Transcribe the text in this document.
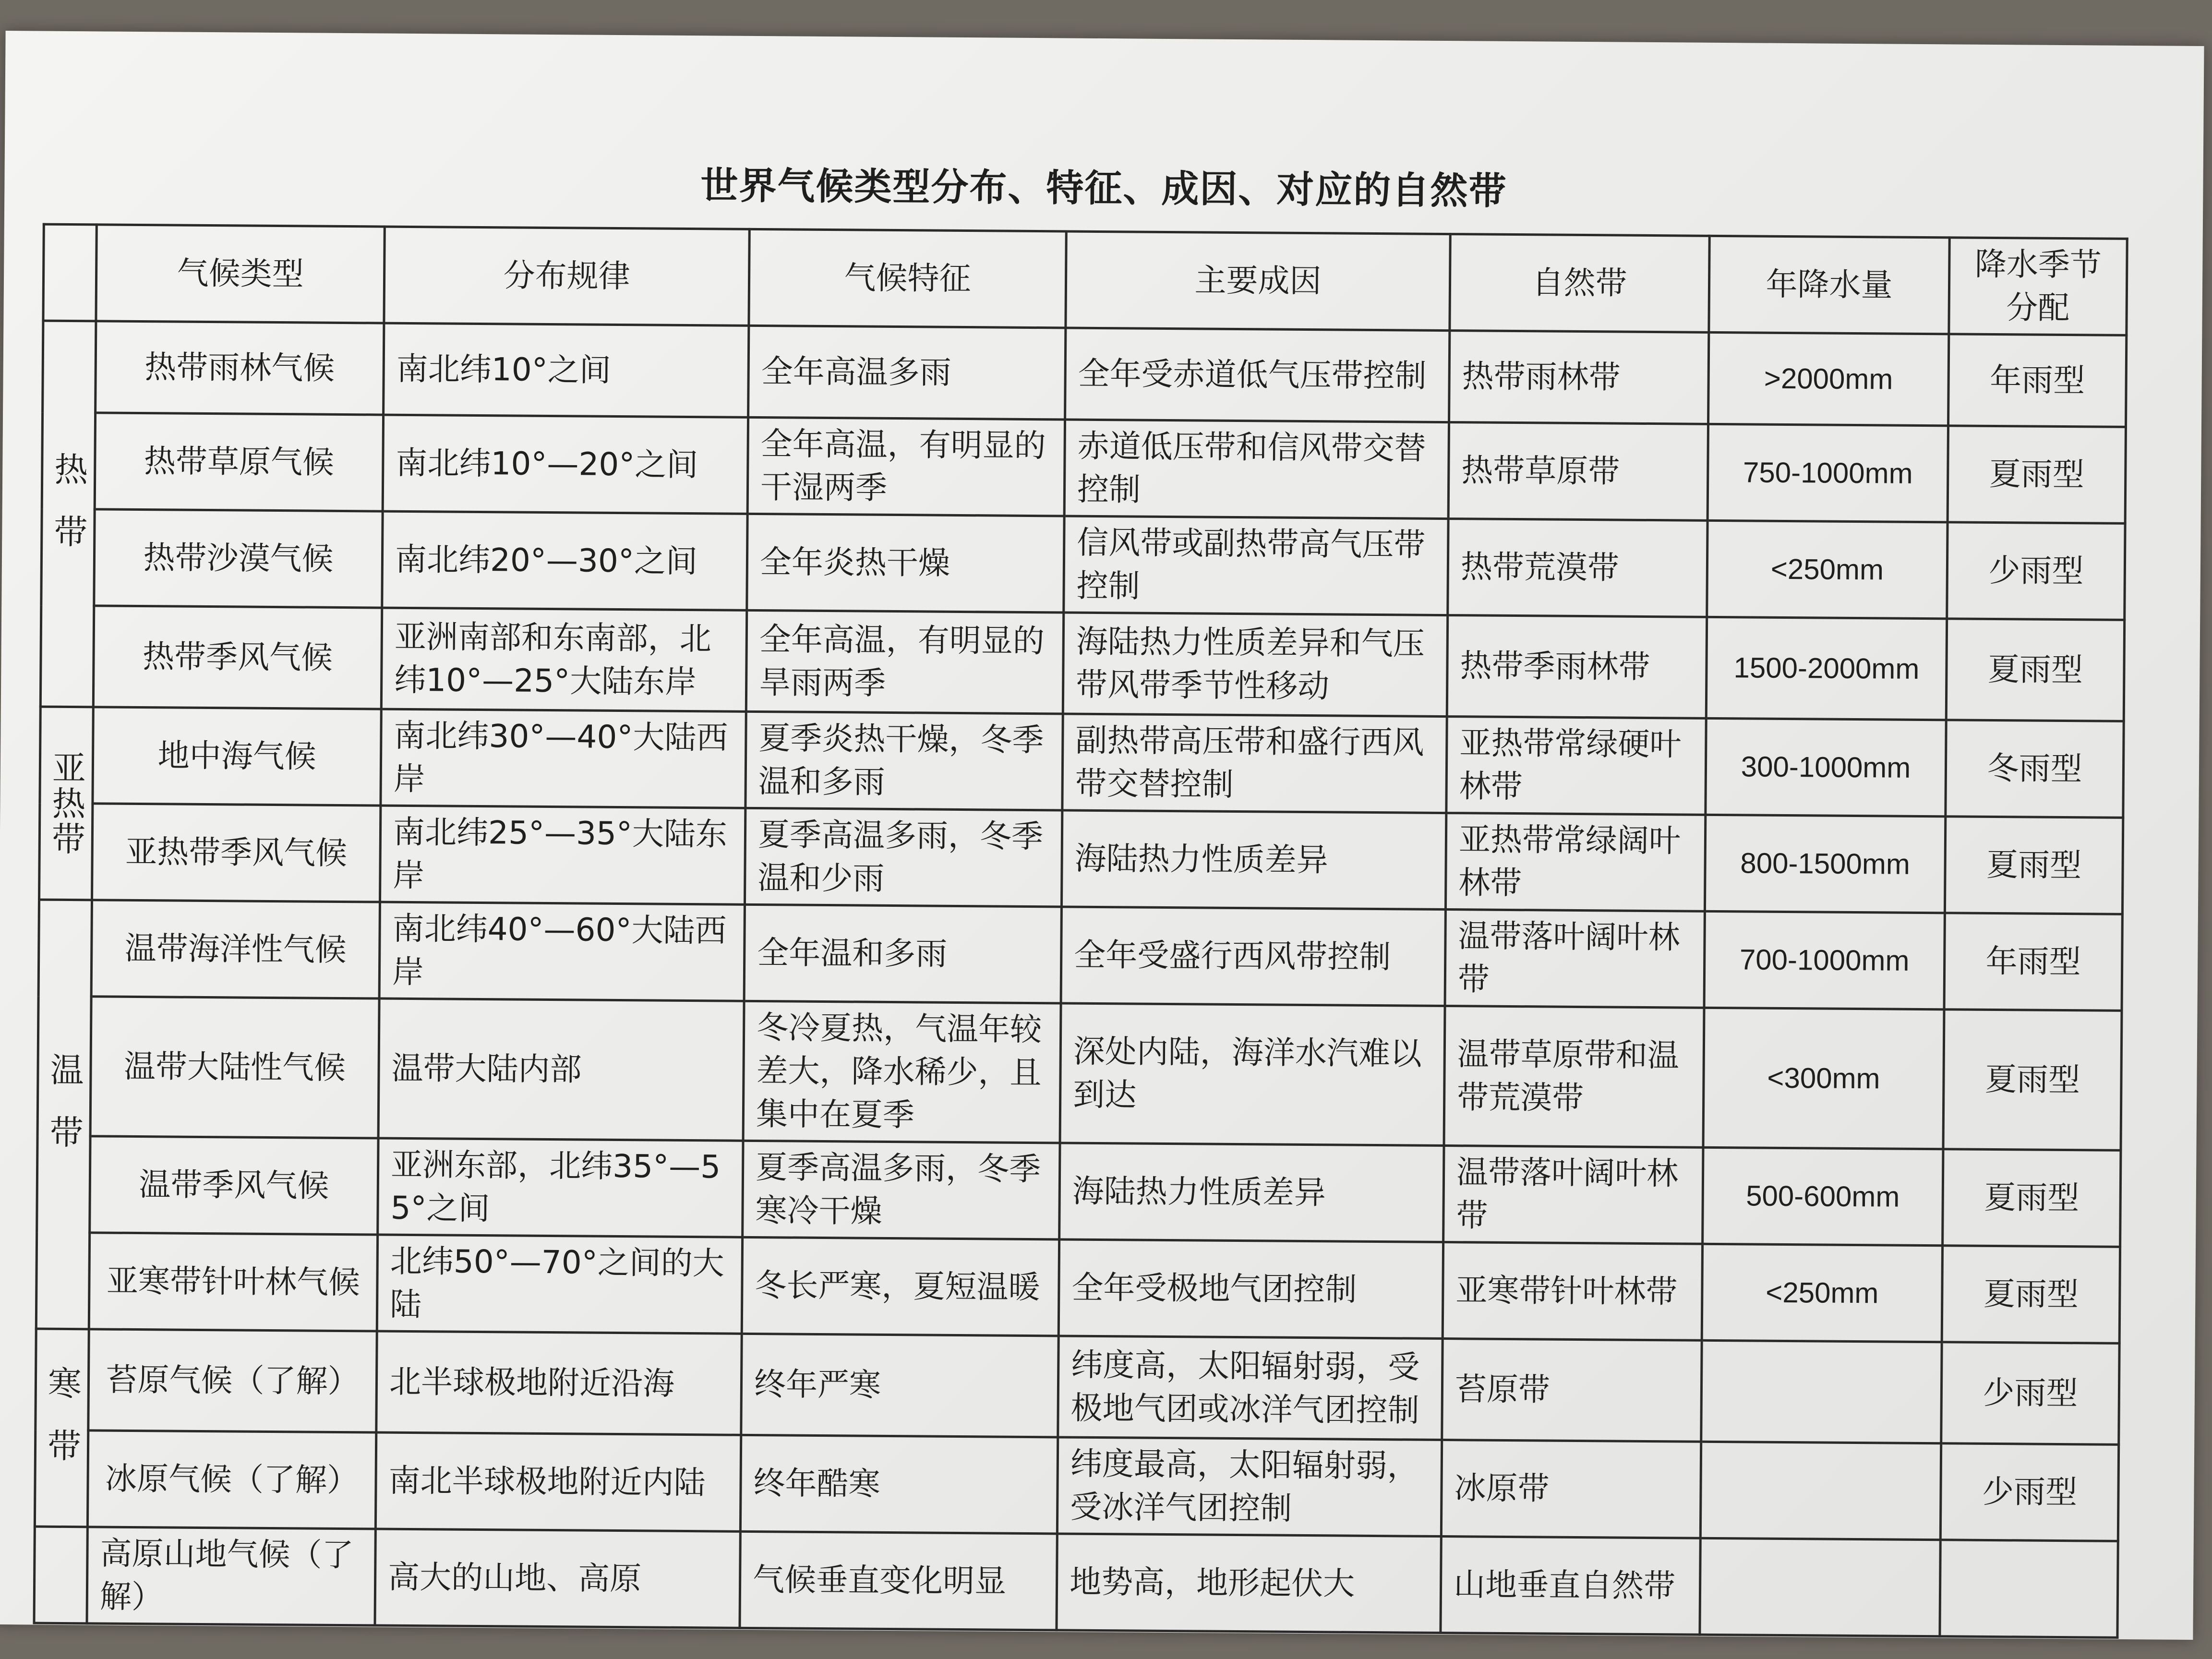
世界气候类型分布、特征、成因、对应的自然带
	气候类型	分布规律	气候特征	主要成因	自然带	年降水量	降水季节分配
热带	热带雨林气候	南北纬10°之间	全年高温多雨	全年受赤道低气压带控制	热带雨林带	>2000mm	年雨型
	热带草原气候	南北纬10°—20°之间	全年高温，有明显的干湿两季	赤道低压带和信风带交替控制	热带草原带	750-1000mm	夏雨型
	热带沙漠气候	南北纬20°—30°之间	全年炎热干燥	信风带或副热带高气压带控制	热带荒漠带	<250mm	少雨型
	热带季风气候	亚洲南部和东南部，北纬10°—25°大陆东岸	全年高温，有明显的旱雨两季	海陆热力性质差异和气压带风带季节性移动	热带季雨林带	1500-2000mm	夏雨型
亚热带	地中海气候	南北纬30°—40°大陆西岸	夏季炎热干燥，冬季温和多雨	副热带高压带和盛行西风带交替控制	亚热带常绿硬叶林带	300-1000mm	冬雨型
	亚热带季风气候	南北纬25°—35°大陆东岸	夏季高温多雨，冬季温和少雨	海陆热力性质差异	亚热带常绿阔叶林带	800-1500mm	夏雨型
温带	温带海洋性气候	南北纬40°—60°大陆西岸	全年温和多雨	全年受盛行西风带控制	温带落叶阔叶林带	700-1000mm	年雨型
	温带大陆性气候	温带大陆内部	冬冷夏热，气温年较差大，降水稀少，且集中在夏季	深处内陆，海洋水汽难以到达	温带草原带和温带荒漠带	<300mm	夏雨型
	温带季风气候	亚洲东部，北纬35°—55°之间	夏季高温多雨，冬季寒冷干燥	海陆热力性质差异	温带落叶阔叶林带	500-600mm	夏雨型
	亚寒带针叶林气候	北纬50°—70°之间的大陆	冬长严寒，夏短温暖	全年受极地气团控制	亚寒带针叶林带	<250mm	夏雨型
寒带	苔原气候（了解）	北半球极地附近沿海	终年严寒	纬度高，太阳辐射弱，受极地气团或冰洋气团控制	苔原带		少雨型
	冰原气候（了解）	南北半球极地附近内陆	终年酷寒	纬度最高，太阳辐射弱，受冰洋气团控制	冰原带		少雨型
	高原山地气候（了解）	高大的山地、高原	气候垂直变化明显	地势高，地形起伏大	山地垂直自然带		
